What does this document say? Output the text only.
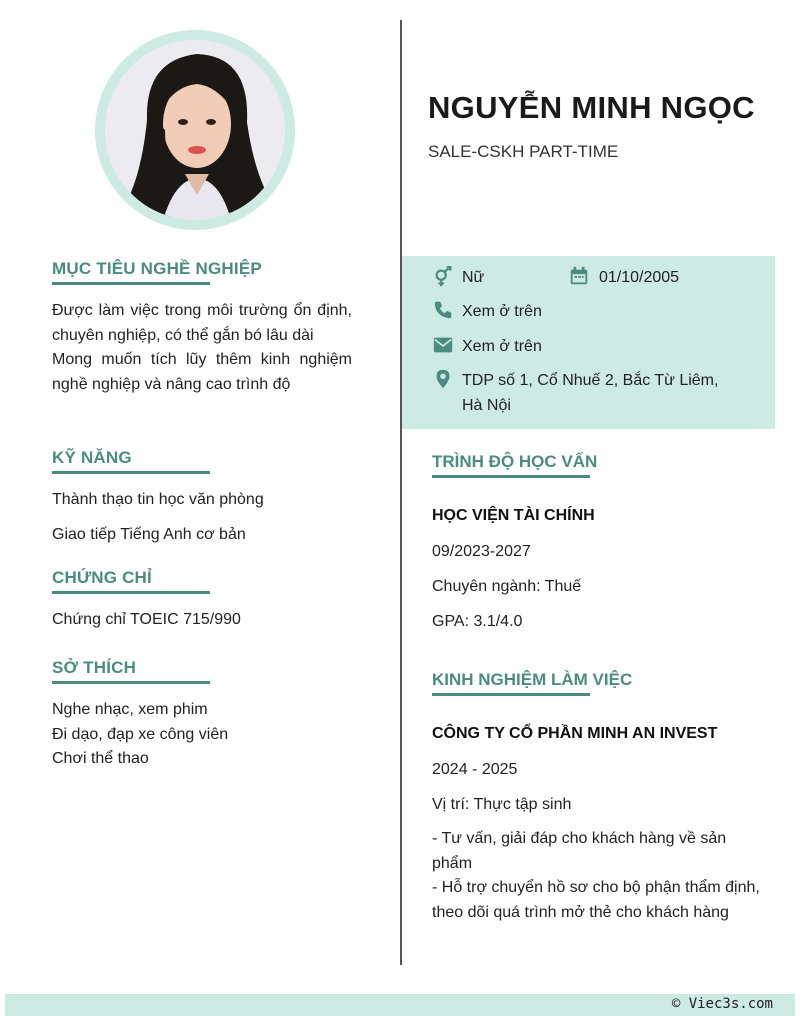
MỤC TIÊU NGHỀ NGHIỆP
Được làm việc trong môi trường ổn định, chuyên nghiệp, có thể gắn bó lâu dài
Mong muốn tích lũy thêm kinh nghiệm nghề nghiệp và nâng cao trình độ
KỸ NĂNG
Thành thạo tin học văn phòng
Giao tiếp Tiếng Anh cơ bản
CHỨNG CHỈ
Chứng chỉ TOEIC 715/990
SỞ THÍCH
Nghe nhạc, xem phim
Đi dạo, đạp xe công viên
Chơi thể thao
NGUYỄN MINH NGỌC
SALE-CSKH PART-TIME
Nữ	01/10/2005
Xem ở trên
Xem ở trên
TDP số 1, Cổ Nhuế 2, Bắc Từ Liêm,
Hà Nội
TRÌNH ĐỘ HỌC VẤN
HỌC VIỆN TÀI CHÍNH
09/2023-2027
Chuyên ngành: Thuế
GPA: 3.1/4.0
KINH NGHIỆM LÀM VIỆC
CÔNG TY CỔ PHẦN MINH AN INVEST
2024 - 2025
Vị trí: Thực tập sinh
- Tư vấn, giải đáp cho khách hàng về sản phẩm
- Hỗ trợ chuyển hồ sơ cho bộ phận thẩm định, theo dõi quá trình mở thẻ cho khách hàng
© Viec3s.com
